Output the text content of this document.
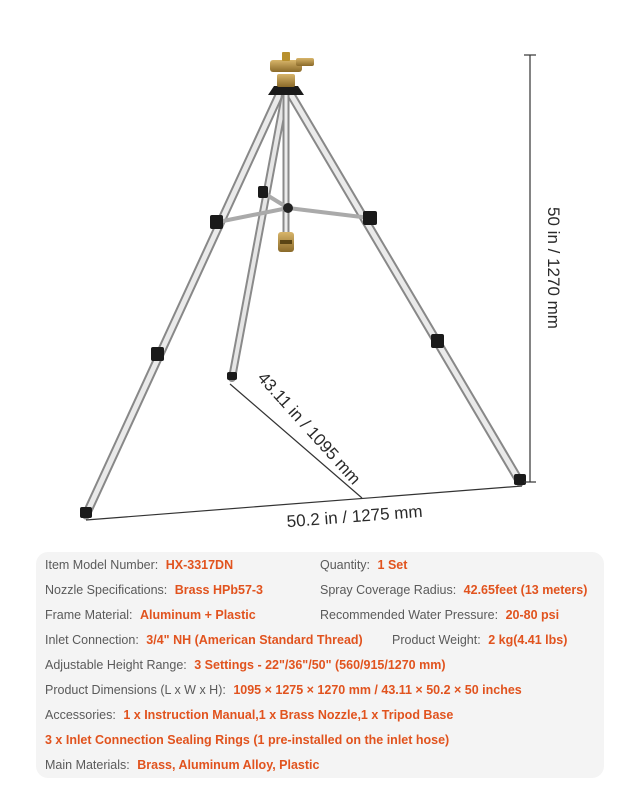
50 in / 1270 mm
43.11 in / 1095 mm
50.2 in / 1275 mm
Item Model Number: HX-3317DN	Quantity: 1 Set
Nozzle Specifications: Brass HPb57-3	Spray Coverage Radius: 42.65feet (13 meters)
Frame Material: Aluminum + Plastic	Recommended Water Pressure: 20-80 psi
Inlet Connection: 3/4" NH (American Standard Thread) Product Weight: 2 kg(4.41 lbs)
Adjustable Height Range: 3 Settings - 22"/36"/50" (560/915/1270 mm)
Product Dimensions (L x W x H): 1095 × 1275 × 1270 mm / 43.11 × 50.2 × 50 inches
Accessories: 1 x Instruction Manual,1 x Brass Nozzle,1 x Tripod Base
3 x Inlet Connection Sealing Rings (1 pre-installed on the inlet hose)
Main Materials: Brass, Aluminum Alloy, Plastic
